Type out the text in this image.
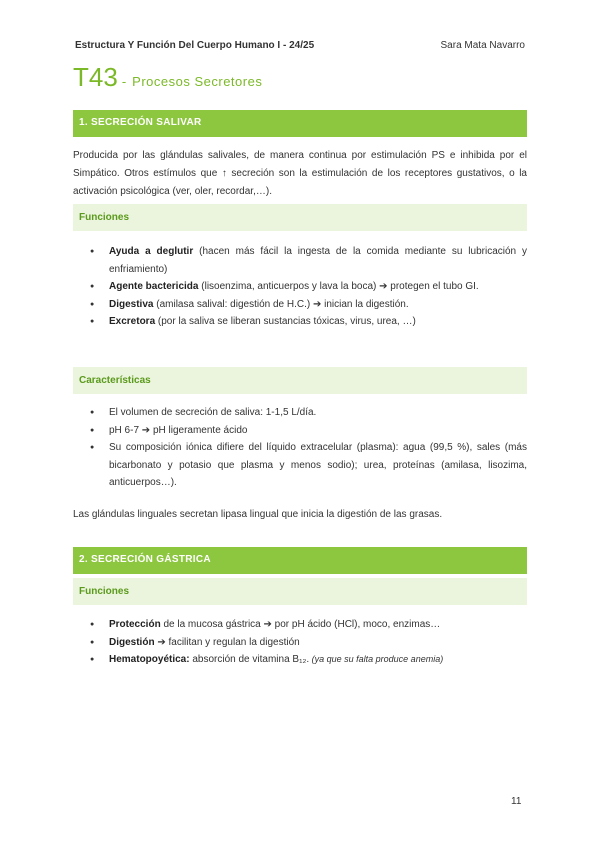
Estructura Y Función Del Cuerpo Humano I - 24/25	Sara Mata Navarro
T43 - Procesos Secretores
1. SECRECIÓN SALIVAR

Producida por las glándulas salivales, de manera continua por estimulación PS e inhibida por el Simpático. Otros estímulos que ↑ secreción son la estimulación de los receptores gustativos, o la activación psicológica (ver, oler, recordar,…).

Funciones
● Ayuda a deglutir (hacen más fácil la ingesta de la comida mediante su lubricación y enfriamiento)
● Agente bactericida (lisoenzima, anticuerpos y lava la boca) ➔ protegen el tubo GI.
● Digestiva (amilasa salival: digestión de H.C.) ➔ inician la digestión.
● Excretora (por la saliva se liberan sustancias tóxicas, virus, urea, …)
Características
● El volumen de secreción de saliva: 1-1,5 L/día.
● pH 6-7 ➔ pH ligeramente ácido
● Su composición iónica difiere del líquido extracelular (plasma): agua (99,5 %), sales (más bicarbonato y potasio que plasma y menos sodio); urea, proteínas (amilasa, lisozima, anticuerpos…).

Las glándulas linguales secretan lipasa lingual que inicia la digestión de las grasas.

2. SECRECIÓN GÁSTRICA
Funciones
● Protección de la mucosa gástrica ➔ por pH ácido (HCl), moco, enzimas…
● Digestión ➔ facilitan y regulan la digestión
● Hematopoyética: absorción de vitamina B₁₂. (ya que su falta produce anemia)
11
